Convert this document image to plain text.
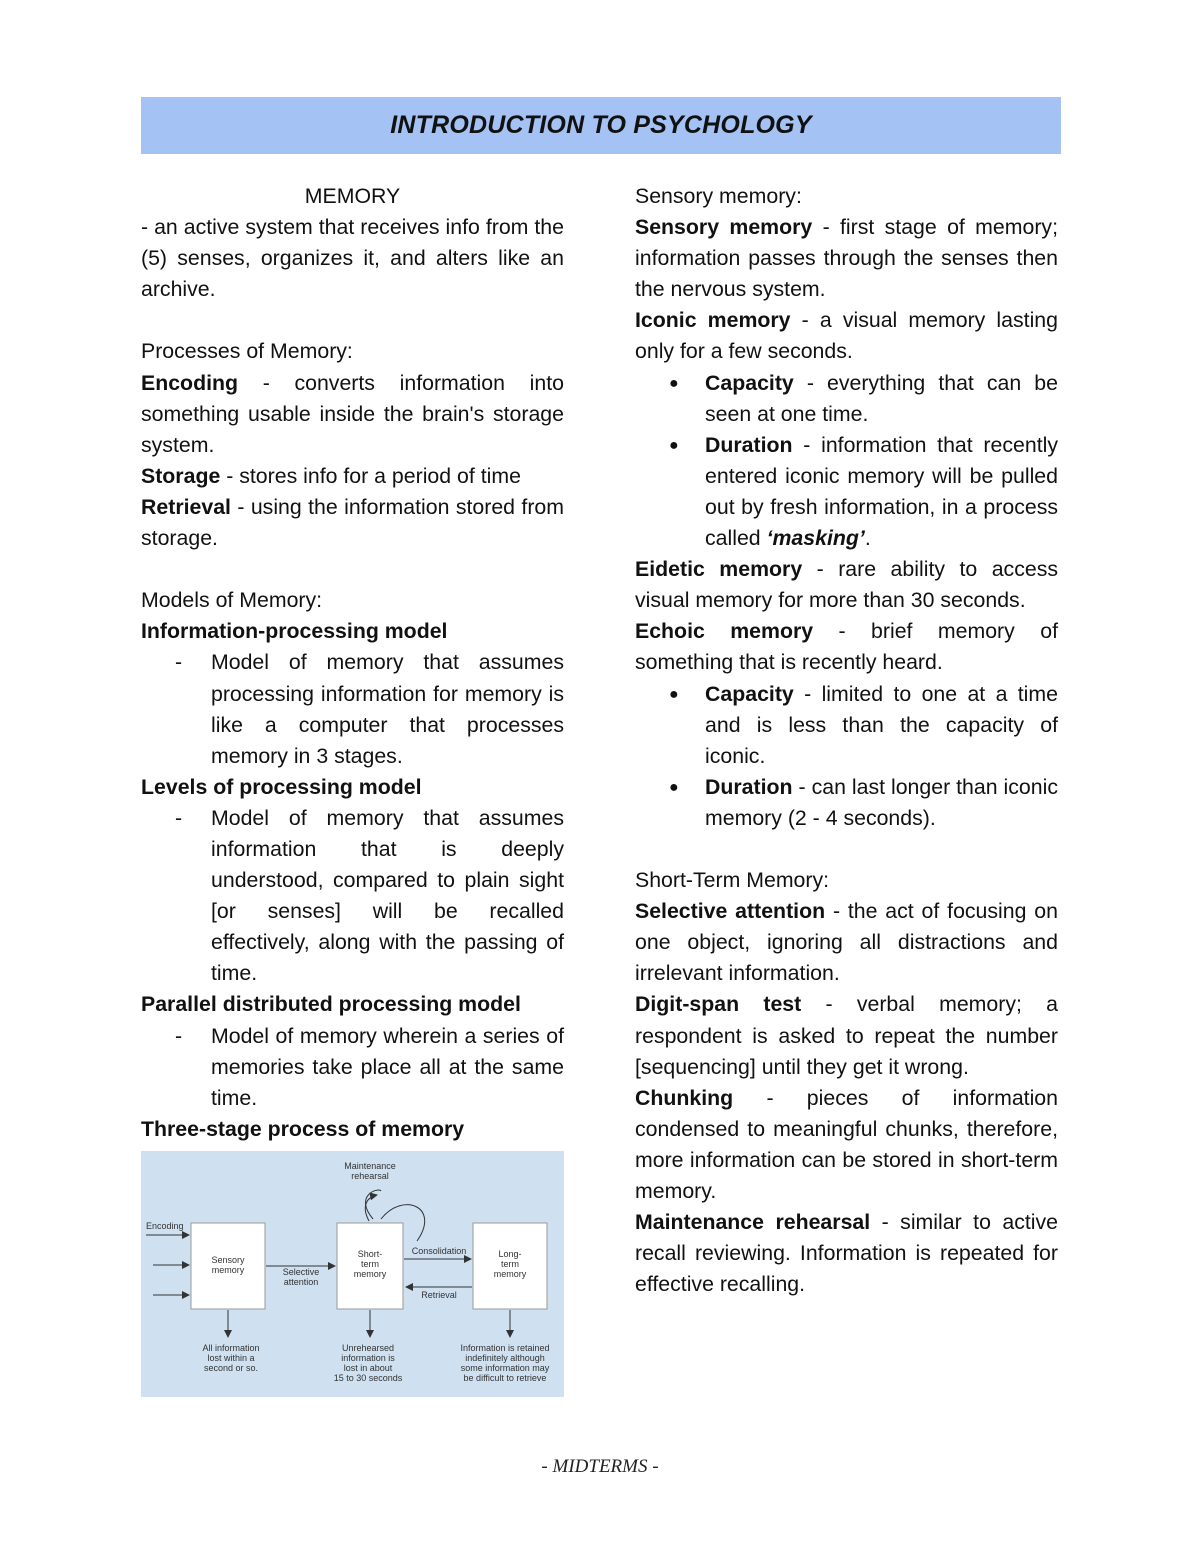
INTRODUCTION TO PSYCHOLOGY

MEMORY

- an active system that receives info from the (5) senses, organizes it, and alters like an archive.

Processes of Memory:

Encoding - converts information into something usable inside the brain's storage system.

Storage - stores info for a period of time

Retrieval - using the information stored from storage.

Models of Memory:

Information-processing model

- Model of memory that assumes processing information for memory is like a computer that processes memory in 3 stages.

Levels of processing model

- Model of memory that assumes information that is deeply understood, compared to plain sight [or senses] will be recalled effectively, along with the passing of time.

Parallel distributed processing model

- Model of memory wherein a series of memories take place all at the same time.

Three-stage process of memory

Maintenance
rehearsal
Encoding
Sensory
memory	Selective
attention
Short-
term
memory
Consolidation
Retrieval
Long-
term
memory
All information
lost within a
second or so.
Unrehearsed
information is
lost in about
15 to 30 seconds
Information is retained
indefinitely although
some information may
be difficult to retrieve

Sensory memory:

Sensory memory - first stage of memory; information passes through the senses then the nervous system.

Iconic memory - a visual memory lasting only for a few seconds.

● Capacity - everything that can be seen at one time.
● Duration - information that recently entered iconic memory will be pulled out by fresh information, in a process called ‘masking’.

Eidetic memory - rare ability to access visual memory for more than 30 seconds.

Echoic memory - brief memory of something that is recently heard.

● Capacity - limited to one at a time and is less than the capacity of iconic.
● Duration - can last longer than iconic memory (2 - 4 seconds).

Short-Term Memory:

Selective attention - the act of focusing on one object, ignoring all distractions and irrelevant information.

Digit-span test - verbal memory; a respondent is asked to repeat the number [sequencing] until they get it wrong.

Chunking - pieces of information condensed to meaningful chunks, therefore, more information can be stored in short-term memory.

Maintenance rehearsal - similar to active recall reviewing. Information is repeated for effective recalling.

- MIDTERMS -
